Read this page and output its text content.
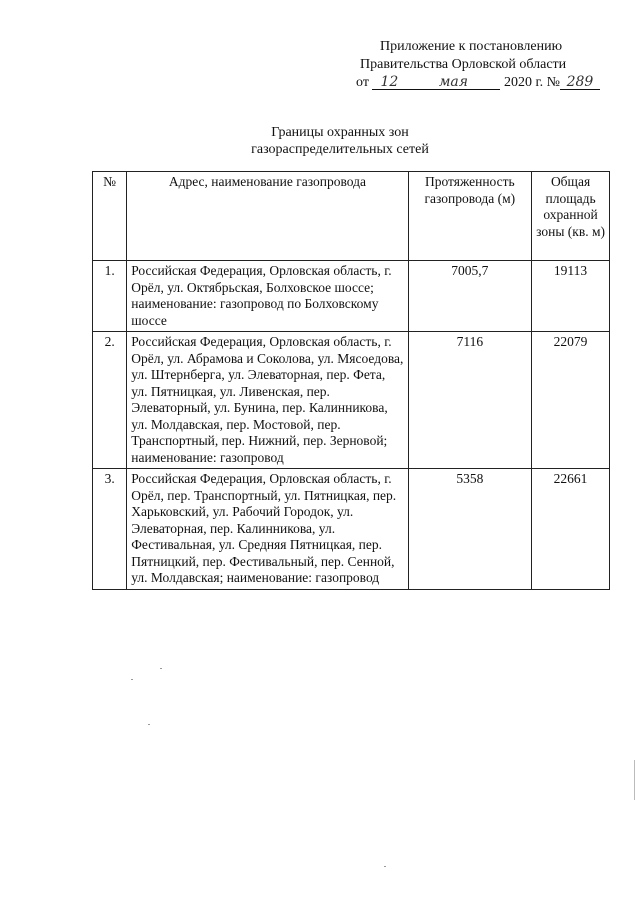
Приложение к постановлению
Правительства Орловской области
от 12	мая	2020 г. № 289
Границы охранных зон
газораспределительных сетей
№	Адрес, наименование газопровода	Протяженность газопровода (м)	Общая площадь охранной зоны (кв. м)
1.	Российская Федерация, Орловская область, г. Орёл, ул. Октябрьская, Болховское шоссе; наименование: газопровод по Болховскому шоссе	7005,7	19113
2.	Российская Федерация, Орловская область, г. Орёл, ул. Абрамова и Соколова, ул. Мясоедова, ул. Штернберга, ул. Элеваторная, пер. Фета, ул. Пятницкая, ул. Ливенская, пер. Элеваторный, ул. Бунина, пер. Калинникова, ул. Молдавская, пер. Мостовой, пер. Транспортный, пер. Нижний, пер. Зерновой; наименование: газопровод	7116	22079
3.	Российская Федерация, Орловская область, г. Орёл, пер. Транспортный, ул. Пятницкая, пер. Харьковский, ул. Рабочий Городок, ул. Элеваторная, пер. Калинникова, ул. Фестивальная, ул. Средняя Пятницкая, пер. Пятницкий, пер. Фестивальный, пер. Сенной, ул. Молдавская; наименование: газопровод	5358	22661
